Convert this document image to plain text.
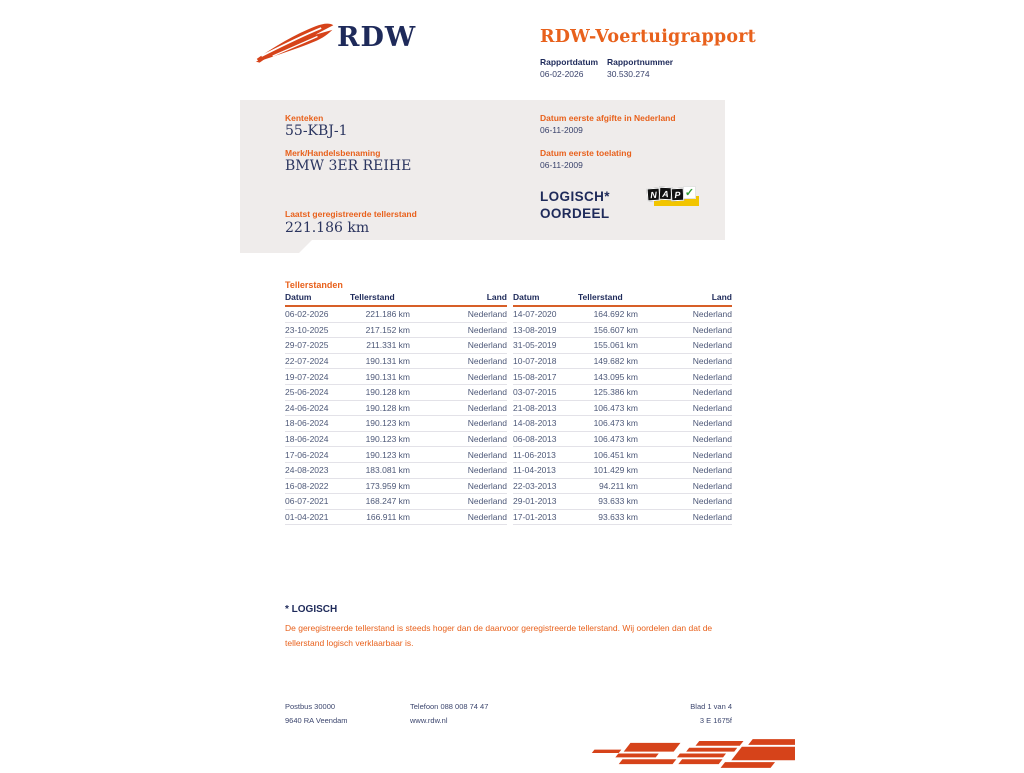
RDW	RDW-Voertuigrapport
Rapportdatum Rapportnummer
06-02-2026	30.530.274
Kenteken
55-KBJ-1
Merk/Handelsbenaming
BMW 3ER REIHE
Laatst geregistreerde tellerstand
221.186 km
Datum eerste afgifte in Nederland
06-11-2009
Datum eerste toelating
06-11-2009
LOGISCH*
OORDEEL
N A P ✓
Tellerstanden
Datum	Tellerstand	Land
06-02-2026	221.186 km	Nederland
23-10-2025	217.152 km	Nederland
29-07-2025	211.331 km	Nederland
22-07-2024	190.131 km	Nederland
19-07-2024	190.131 km	Nederland
25-06-2024	190.128 km	Nederland
24-06-2024	190.128 km	Nederland
18-06-2024	190.123 km	Nederland
18-06-2024	190.123 km	Nederland
17-06-2024	190.123 km	Nederland
24-08-2023	183.081 km	Nederland
16-08-2022	173.959 km	Nederland
06-07-2021	168.247 km	Nederland
01-04-2021	166.911 km	Nederland
Datum	Tellerstand	Land
14-07-2020	164.692 km	Nederland
13-08-2019	156.607 km	Nederland
31-05-2019	155.061 km	Nederland
10-07-2018	149.682 km	Nederland
15-08-2017	143.095 km	Nederland
03-07-2015	125.386 km	Nederland
21-08-2013	106.473 km	Nederland
14-08-2013	106.473 km	Nederland
06-08-2013	106.473 km	Nederland
11-06-2013	106.451 km	Nederland
11-04-2013	101.429 km	Nederland
22-03-2013	94.211 km	Nederland
29-01-2013	93.633 km	Nederland
17-01-2013	93.633 km	Nederland
* LOGISCH
De geregistreerde tellerstand is steeds hoger dan de daarvoor geregistreerde tellerstand. Wij oordelen dan dat de tellerstand logisch verklaarbaar is.
Postbus 30000
9640 RA Veendam
Telefoon 088 008 74 47
www.rdw.nl
Blad 1 van 4
3 E 1675f
